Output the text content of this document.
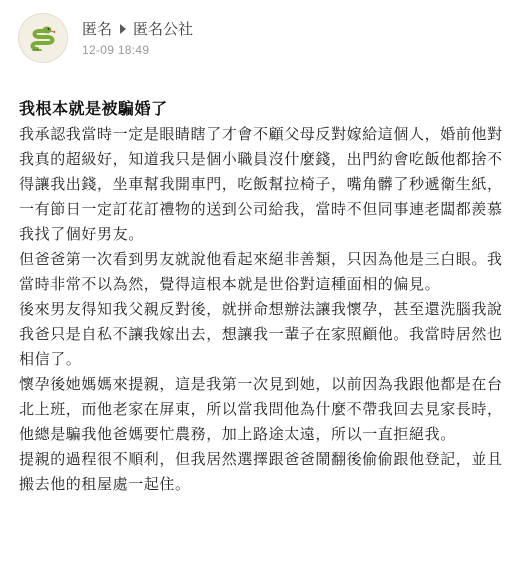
匿名 匿名公社
12-09 18:49
我根本就是被騙婚了

我承認我當時一定是眼睛瞎了才會不顧父母反對嫁給這個人，婚前他對我真的超級好，知道我只是個小職員沒什麼錢，出門約會吃飯他都捨不得讓我出錢，坐車幫我開車門，吃飯幫拉椅子，嘴角髒了秒遞衛生紙，一有節日一定訂花訂禮物的送到公司給我，當時不但同事連老闆都羨慕我找了個好男友。

但爸爸第一次看到男友就說他看起來絕非善類，只因為他是三白眼。我當時非常不以為然，覺得這根本就是世俗對這種面相的偏見。

後來男友得知我父親反對後，就拼命想辦法讓我懷孕，甚至還洗腦我說我爸只是自私不讓我嫁出去，想讓我一輩子在家照顧他。我當時居然也相信了。

懷孕後她媽媽來提親，這是我第一次見到她，以前因為我跟他都是在台北上班，而他老家在屏東，所以當我問他為什麼不帶我回去見家長時，他總是騙我他爸媽要忙農務，加上路途太遠，所以一直拒絕我。

提親的過程很不順利，但我居然選擇跟爸爸鬧翻後偷偷跟他登記，並且搬去他的租屋處一起住。
